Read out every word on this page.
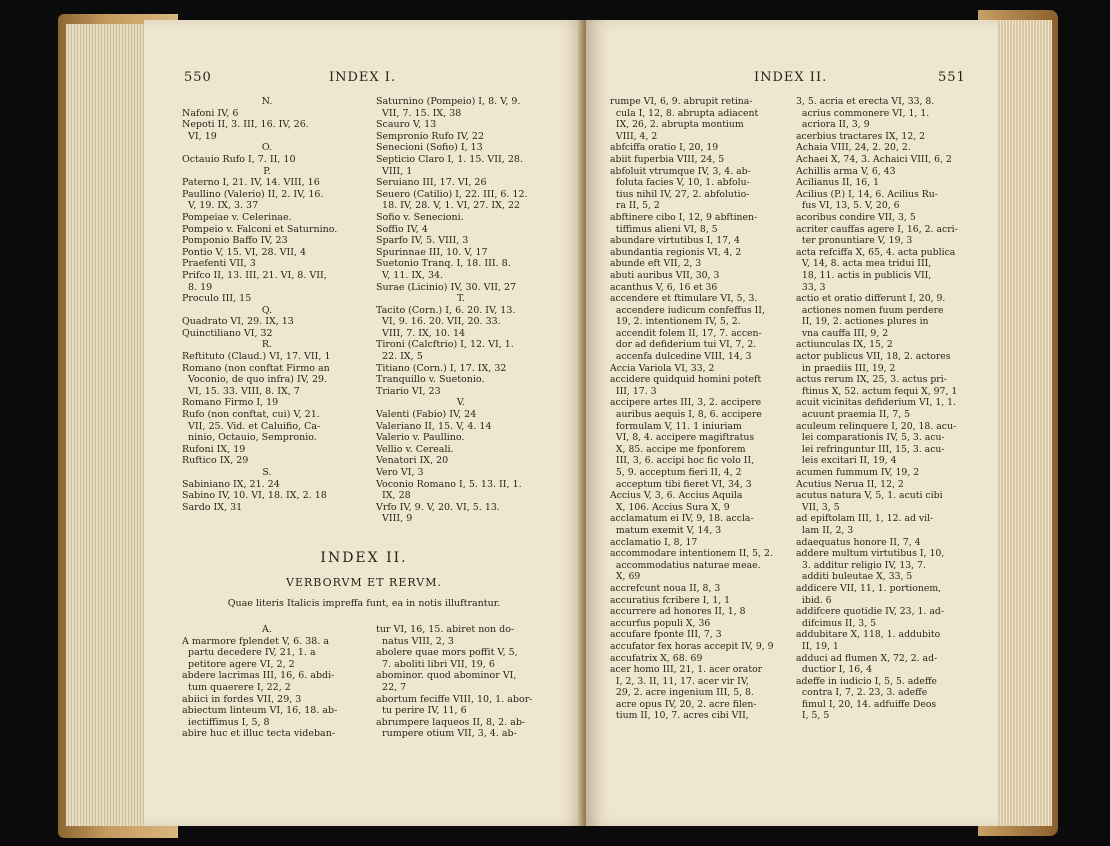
550	INDEX I.
N.
Nafoni IV, 6
Nepoti II, 3. III, 16. IV, 26.
VI, 19
O.
Octauio Rufo I, 7. II, 10
P.
Paterno I, 21. IV, 14. VIII, 16
Paullino (Valerio) II, 2. IV, 16.
V, 19. IX, 3. 37
Pompeiae v. Celerinae.
Pompeio v. Falconi et Saturnino.
Pomponio Baffo IV, 23
Pontio V, 15. VI, 28. VII, 4
Praefenti VII, 3
Prifco II, 13. III, 21. VI, 8. VII,
8. 19
Proculo III, 15
Q.
Quadrato VI, 29. IX, 13
Quinctiliano VI, 32
R.
Reftituto (Claud.) VI, 17. VII, 1
Romano (non conftat Firmo an
Voconio, de quo infra) IV, 29.
VI, 15. 33. VIII, 8. IX, 7
Romano Firmo I, 19
Rufo (non conftat, cui) V, 21.
VII, 25. Vid. et Caluifio, Ca-
ninio, Octauio, Sempronio.
Rufoni IX, 19
Ruftico IX, 29
S.
Sabiniano IX, 21. 24
Sabino IV, 10. VI, 18. IX, 2. 18
Sardo IX, 31
Saturnino (Pompeio) I, 8. V, 9.
VII, 7. 15. IX, 38
Scauro V, 13
Sempronio Rufo IV, 22
Senecioni (Sofio) I, 13
Septicio Claro I, 1. 15. VII, 28.
VIII, 1
Seruiano III, 17. VI, 26
Seuero (Catilio) I, 22. III, 6. 12.
18. IV, 28. V, 1. VI, 27. IX, 22
Sofio v. Senecioni.
Soffio IV, 4
Sparfo IV, 5. VIII, 3
Spurinnae III, 10. V, 17
Suetonio Tranq. I, 18. III. 8.
V, 11. IX, 34.
Surae (Licinio) IV, 30. VII, 27
T.
Tacito (Corn.) I, 6. 20. IV, 13.
VI, 9. 16. 20. VII, 20. 33.
VIII, 7. IX, 10. 14
Tironi (Calcftrio) I, 12. VI, 1.
22. IX, 5
Titiano (Corn.) I, 17. IX, 32
Tranquillo v. Suetonio.
Triario VI, 23
V.
Valenti (Fabio) IV, 24
Valeriano II, 15. V, 4. 14
Valerio v. Paullino.
Vellio v. Cereali.
Venatori IX, 20
Vero VI, 3
Voconio Romano I, 5. 13. II, 1.
IX, 28
Vrfo IV, 9. V, 20. VI, 5. 13.
VIII, 9
INDEX II.
VERBORVM ET RERVM.
Quae literis Italicis impreffa funt, ea in notis illuftrantur.
A.
A marmore fplendet V, 6. 38. a
partu decedere IV, 21, 1. a
petitore agere VI, 2, 2
abdere lacrimas III, 16, 6. abdi-
tum quaerere I, 22, 2
abiici in fordes VII, 29, 3
abiectum linteum VI, 16, 18. ab-
iectiffimus I, 5, 8
abire huc et illuc tecta videban-
tur VI, 16, 15. abiret non do-
natus VIII, 2, 3
abolere quae mors poffit V, 5,
7. aboliti libri VII, 19, 6
abominor. quod abominor VI,
22, 7
abortum feciffe VIII, 10, 1. abor-
tu perire IV, 11, 6
abrumpere laqueos II, 8, 2. ab-
rumpere otium VII, 3, 4. ab-
INDEX II.	551
rumpe VI, 6, 9. abrupit retina-
cula I, 12, 8. abrupta adiacent
IX, 26, 2. abrupta montium
VIII, 4, 2
abfciffa oratio I, 20, 19
abiit fuperbia VIII, 24, 5
abfoluit vtrumque IV, 3, 4. ab-
foluta facies V, 10, 1. abfolu-
tius nihil IV, 27, 2. abfolutio-
ra II, 5, 2
abftinere cibo I, 12, 9 abftinen-
tiffimus alieni VI, 8, 5
abundare virtutibus I, 17, 4
abundantia regionis VI, 4, 2
abunde eft VII, 2, 3
abuti auribus VII, 30, 3
acanthus V, 6, 16 et 36
accendere et ftimulare VI, 5, 3.
accendere iudicum confeffus II,
19, 2. intentionem IV, 5, 2.
accendit folem II, 17, 7. accen-
dor ad defiderium tui VI, 7, 2.
accenfa dulcedine VIII, 14, 3
Accia Variola VI, 33, 2
accidere quidquid homini poteft
III, 17. 3
accipere artes III, 3, 2. accipere
auribus aequis I, 8, 6. accipere
formulam V, 11. 1 iniuriam
VI, 8, 4. accipere magiftratus
X, 85. accipe me fponforem
III, 3, 6. accipi hoc fic volo II,
5, 9. acceptum fieri II, 4, 2
acceptum tibi fieret VI, 34, 3
Accius V, 3, 6. Accius Aquila
X, 106. Accius Sura X, 9
acclamatum ei IV, 9, 18. accla-
matum exemit V, 14, 3
acclamatio I, 8, 17
accommodare intentionem II, 5, 2.
accommodatius naturae meae.
X, 69
accrefcunt noua II, 8, 3
accuratius fcribere I, 1, 1
accurrere ad honores II, 1, 8
accurfus populi X, 36
accufare fponte III, 7, 3
accufator fex horas accepit IV, 9, 9
accufatrix X, 68. 69
acer homo III, 21, 1. acer orator
I, 2, 3. II, 11, 17. acer vir IV,
29, 2. acre ingenium III, 5, 8.
acre opus IV, 20, 2. acre filen-
tium II, 10, 7. acres cibi VII,
3, 5. acria et erecta VI, 33, 8.
acrius commonere VI, 1, 1.
acriora II, 3, 9
acerbius tractares IX, 12, 2
Achaia VIII, 24, 2. 20, 2.
Achaei X, 74, 3. Achaici VIII, 6, 2
Achillis arma V, 6, 43
Acilianus II, 16, 1
Acilius (P.) I, 14, 6. Acilius Ru-
fus VI, 13, 5. V, 20, 6
acoribus condire VII, 3, 5
acriter cauffas agere I, 16, 2. acri-
ter pronuntiare V, 19, 3
acta refciffa X, 65, 4. acta publica
V, 14, 8. acta mea tridui III,
18, 11. actis in publicis VII,
33, 3
actio et oratio differunt I, 20, 9.
actiones nomen fuum perdere
II, 19, 2. actiones plures in
vna cauffa III, 9, 2
actiunculas IX, 15, 2
actor publicus VII, 18, 2. actores
in praediis III, 19, 2
actus rerum IX, 25, 3. actus pri-
ftinus X, 52. actum fequi X, 97, 1
acuit vicinitas defiderium VI, 1, 1.
acuunt praemia II, 7, 5
aculeum relinquere I, 20, 18. acu-
lei comparationis IV, 5, 3. acu-
lei refringuntur III, 15, 3. acu-
leis excitari II, 19, 4
acumen fummum IV, 19, 2
Acutius Nerua II, 12, 2
acutus natura V, 5, 1. acuti cibi
VII, 3, 5
ad epiftolam III, 1, 12. ad vil-
lam II, 2, 3
adaequatus honore II, 7, 4
addere multum virtutibus I, 10,
3. additur religio IV, 13, 7.
additi buleutae X, 33, 5
addicere VII, 11, 1. portionem,
ibid. 6
addifcere quotidie IV, 23, 1. ad-
difcimus II, 3, 5
addubitare X, 118, 1. addubito
II, 19, 1
adduci ad flumen X, 72, 2. ad-
ductior I, 16, 4
adeffe in iudicio I, 5, 5. adeffe
contra I, 7, 2. 23, 3. adeffe
fimul I, 20, 14. adfuiffe Deos
I, 5, 5
